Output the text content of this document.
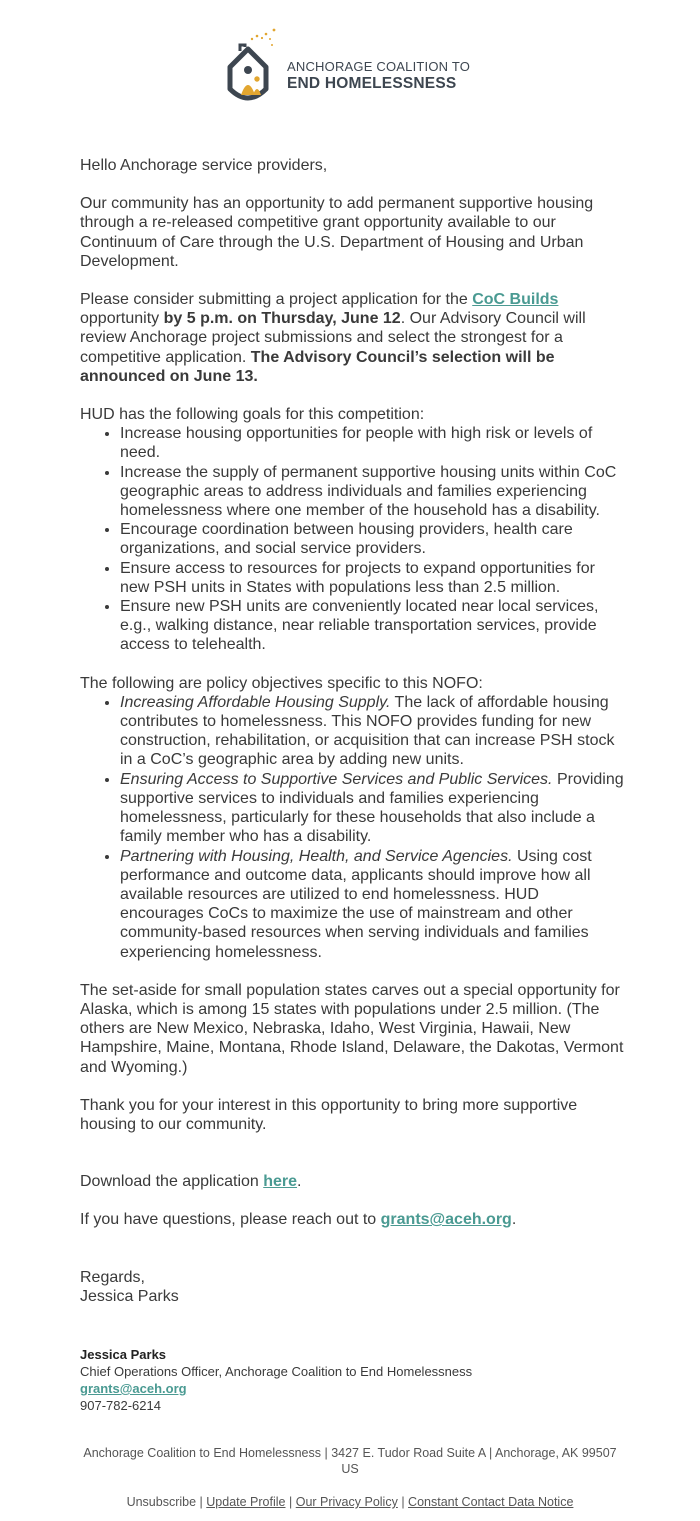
ANCHORAGE COALITION TO
END HOMELESSNESS

Hello Anchorage service providers,

Our community has an opportunity to add permanent supportive housing through a re-released competitive grant opportunity available to our Continuum of Care through the U.S. Department of Housing and Urban Development.

Please consider submitting a project application for the CoC Builds opportunity by 5 p.m. on Thursday, June 12. Our Advisory Council will review Anchorage project submissions and select the strongest for a competitive application. The Advisory Council’s selection will be announced on June 13.

HUD has the following goals for this competition:

• Increase housing opportunities for people with high risk or levels of need.
• Increase the supply of permanent supportive housing units within CoC geographic areas to address individuals and families experiencing homelessness where one member of the household has a disability.
• Encourage coordination between housing providers, health care organizations, and social service providers.
• Ensure access to resources for projects to expand opportunities for new PSH units in States with populations less than 2.5 million.
• Ensure new PSH units are conveniently located near local services, e.g., walking distance, near reliable transportation services, provide access to telehealth.

The following are policy objectives specific to this NOFO:

• Increasing Affordable Housing Supply. The lack of affordable housing contributes to homelessness. This NOFO provides funding for new construction, rehabilitation, or acquisition that can increase PSH stock in a CoC’s geographic area by adding new units.
• Ensuring Access to Supportive Services and Public Services. Providing supportive services to individuals and families experiencing homelessness, particularly for these households that also include a family member who has a disability.
• Partnering with Housing, Health, and Service Agencies. Using cost performance and outcome data, applicants should improve how all available resources are utilized to end homelessness. HUD encourages CoCs to maximize the use of mainstream and other community-based resources when serving individuals and families experiencing homelessness.

The set-aside for small population states carves out a special opportunity for Alaska, which is among 15 states with populations under 2.5 million. (The others are New Mexico, Nebraska, Idaho, West Virginia, Hawaii, New Hampshire, Maine, Montana, Rhode Island, Delaware, the Dakotas, Vermont and Wyoming.)

Thank you for your interest in this opportunity to bring more supportive housing to our community.

Download the application here.

If you have questions, please reach out to grants@aceh.org.

Regards,

Jessica Parks

Jessica Parks
Chief Operations Officer, Anchorage Coalition to End Homelessness
grants@aceh.org
907-782-6214
Anchorage Coalition to End Homelessness | 3427 E. Tudor Road Suite A | Anchorage, AK 99507 US
Unsubscribe | Update Profile | Our Privacy Policy | Constant Contact Data Notice
